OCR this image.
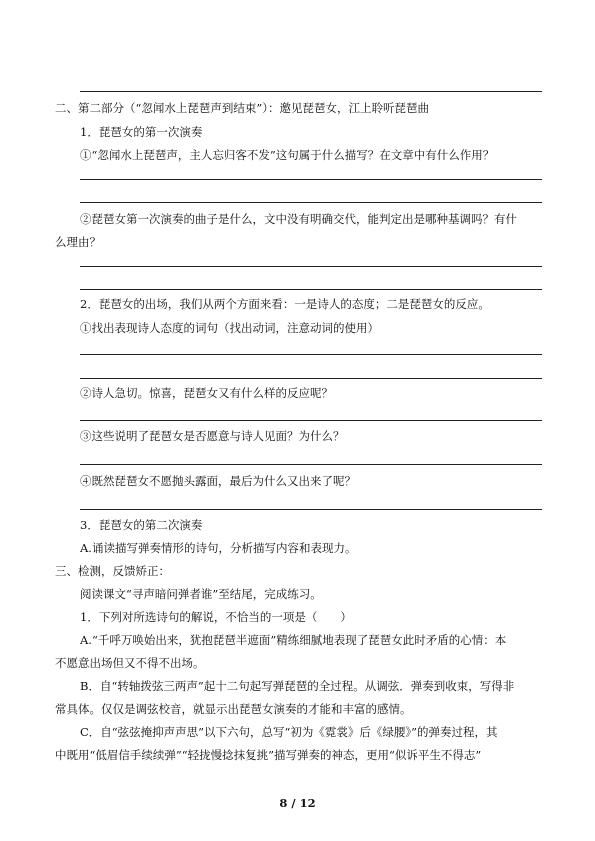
二、第二部分（“忽闻水上琵琶声到结束”）：邀见琵琶女，江上聆听琵琶曲
1．琵琶女的第一次演奏
①“忽闻水上琵琶声，主人忘归客不发”这句属于什么描写？在文章中有什么作用？
②琵琶女第一次演奏的曲子是什么，文中没有明确交代，能判定出是哪种基调吗？有什
么理由？
2．琵琶女的出场，我们从两个方面来看：一是诗人的态度；二是琵琶女的反应。
①找出表现诗人态度的词句（找出动词，注意动词的使用）
②诗人急切。惊喜，琵琶女又有什么样的反应呢？
③这些说明了琵琶女是否愿意与诗人见面？为什么？
④既然琵琶女不愿抛头露面，最后为什么又出来了呢？
3．琵琶女的第二次演奏
A.诵读描写弹奏情形的诗句，分析描写内容和表现力。
三、检测，反馈矫正：
阅读课文“寻声暗问弹者谁”至结尾，完成练习。
1．下列对所选诗句的解说，不恰当的一项是（　　）
A.“千呼万唤始出来，犹抱琵琶半遮面”精练细腻地表现了琵琶女此时矛盾的心情：本
不愿意出场但又不得不出场。
B．自“转轴拨弦三两声”起十二句起写弹琵琶的全过程。从调弦．弹奏到收束，写得非
常具体。仅仅是调弦校音，就显示出琵琶女演奏的才能和丰富的感情。
C．自“弦弦掩抑声声思”以下六句，总写“初为《霓裳》后《绿腰》”的弹奏过程，其
中既用“低眉信手续续弹”“轻拢慢捻抹复挑”描写弹奏的神态，更用“似诉平生不得志”
8 / 12
